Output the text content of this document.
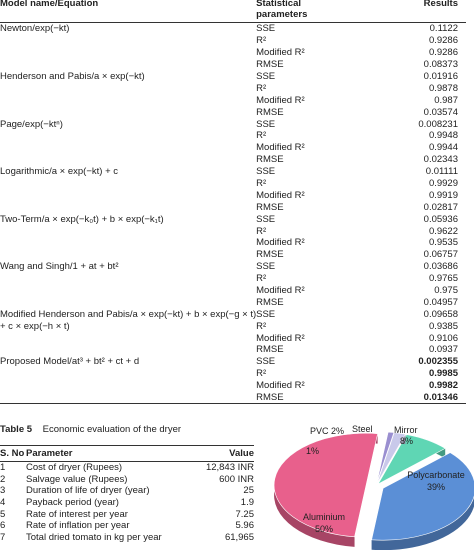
Model name/Equation	Statistical parameters	Results

Newton/exp(−kt)	SSE	0.1122
	R²	0.9286
	Modified R²	0.9286
	RMSE	0.08373
Henderson and Pabis/a × exp(−kt)	SSE	0.01916
	R²	0.9878
	Modified R²	0.987
	RMSE	0.03574
Page/exp(−ktⁿ)	SSE	0.008231
	R²	0.9948
	Modified R²	0.9944
	RMSE	0.02343
Logarithmic/a × exp(−kt) + c	SSE	0.01111
	R²	0.9929
	Modified R²	0.9919
	RMSE	0.02817
Two-Term/a × exp(−k₀t) + b × exp(−k₁t)	SSE	0.05936
	R²	0.9622
	Modified R²	0.9535
	RMSE	0.06757
Wang and Singh/1 + at + bt²	SSE	0.03686
	R²	0.9765
	Modified R²	0.975
	RMSE	0.04957
Modified Henderson and Pabis/a × exp(−kt) + b × exp(−g × t)	SSE	0.09658
+ c × exp(−h × t)	R²	0.9385
	Modified R²	0.9106
	RMSE	0.0937
Proposed Model/at³ + bt² + ct + d	SSE	0.002355
	R²	0.9985
	Modified R²	0.9982
	RMSE	0.01346
Table 5 Economic evaluation of the dryer
S. No	Parameter	Value
1	Cost of dryer (Rupees)	12,843 INR
2	Salvage value (Rupees)	600 INR
3	Duration of life of dryer (year)	25
4	Payback period (year)	1.9
5	Rate of interest per year	7.25
6	Rate of inflation per year	5.96
7	Total dried tomato in kg per year	61,965
PVC 2%
1%
Steel Mirror
8%
Polycarbonate
39%
Aluminium
50%
